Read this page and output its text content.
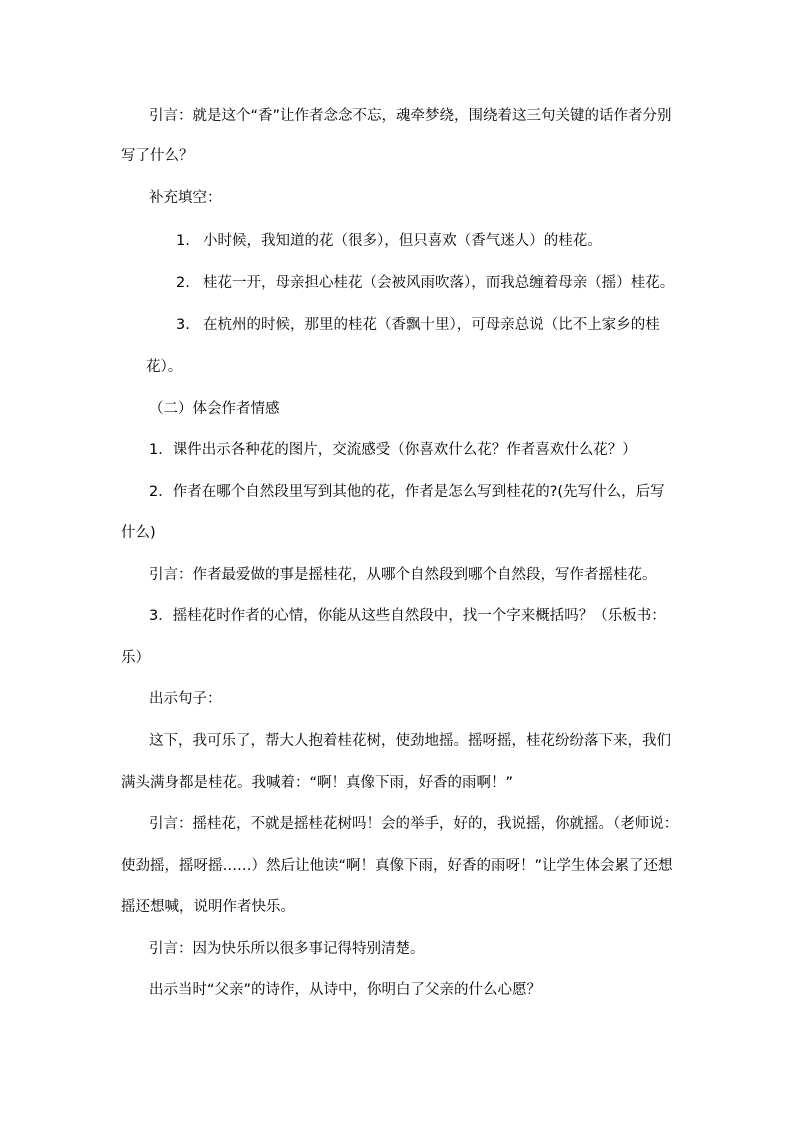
引言：就是这个“香”让作者念念不忘，魂牵梦绕，围绕着这三句关键的话作者分别
写了什么？
补充填空：
1. 小时候，我知道的花（很多），但只喜欢（香气迷人）的桂花。
2. 桂花一开，母亲担心桂花（会被风雨吹落），而我总缠着母亲（摇）桂花。
3. 在杭州的时候，那里的桂花（香飘十里），可母亲总说（比不上家乡的桂
花）。
（二）体会作者情感
1．课件出示各种花的图片，交流感受（你喜欢什么花？作者喜欢什么花？）
2．作者在哪个自然段里写到其他的花，作者是怎么写到桂花的?(先写什么，后写
什么)
引言：作者最爱做的事是摇桂花，从哪个自然段到哪个自然段，写作者摇桂花。
3．摇桂花时作者的心情，你能从这些自然段中，找一个字来概括吗？（乐板书：
乐）
出示句子：
这下，我可乐了，帮大人抱着桂花树，使劲地摇。摇呀摇，桂花纷纷落下来，我们
满头满身都是桂花。我喊着：“啊！真像下雨，好香的雨啊！”
引言：摇桂花，不就是摇桂花树吗！会的举手，好的，我说摇，你就摇。（老师说：
使劲摇，摇呀摇……）然后让他读“啊！真像下雨，好香的雨呀！”让学生体会累了还想
摇还想喊，说明作者快乐。
引言：因为快乐所以很多事记得特别清楚。
出示当时“父亲”的诗作，从诗中，你明白了父亲的什么心愿？
